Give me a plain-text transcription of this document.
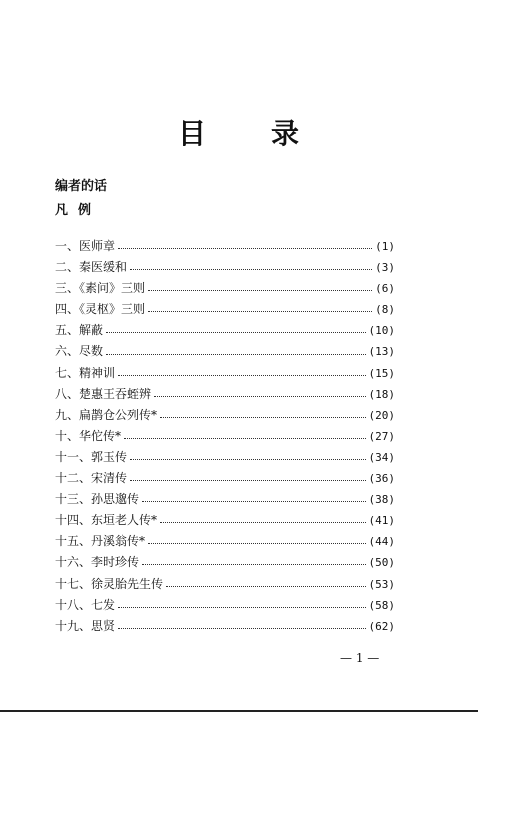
目 录
编者的话
凡例
一、医师章	(1)
二、秦医缓和	(3)
三、《素问》三则	(6)
四、《灵枢》三则	(8)
五、解蔽	(10)
六、尽数	(13)
七、精神训	(15)
八、楚惠王吞蛭辨	(18)
九、扁鹊仓公列传*	(20)
十、华佗传*	(27)
十一、郭玉传	(34)
十二、宋清传	(36)
十三、孙思邈传	(38)
十四、东垣老人传*	(41)
十五、丹溪翁传*	(44)
十六、李时珍传	(50)
十七、徐灵胎先生传	(53)
十八、七发	(58)
十九、思贤	(62)
— 1 —
